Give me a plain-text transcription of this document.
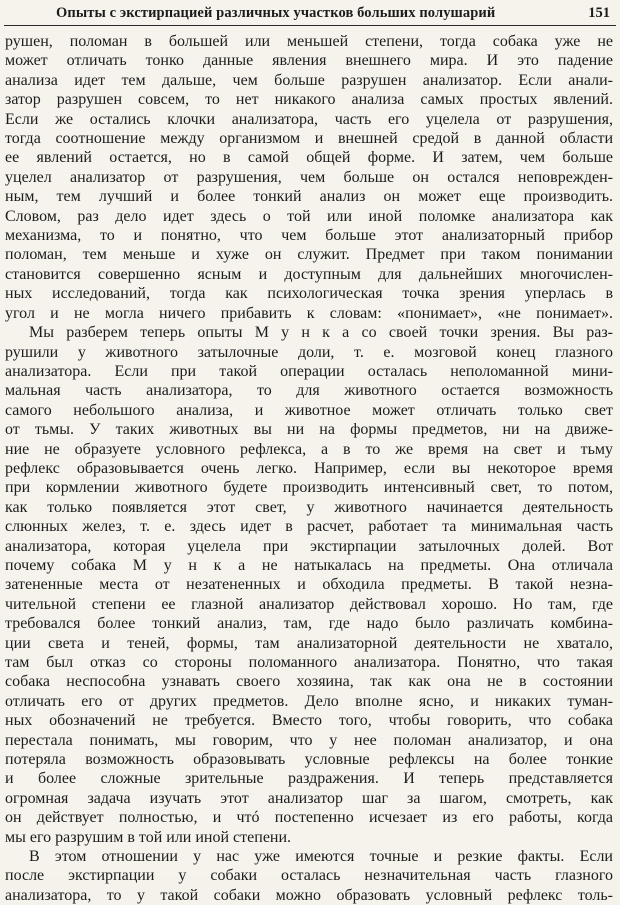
Опыты с экстирпацией различных участков больших полушарий	151
рушен, поломан в большей или меньшей степени, тогда собака уже не
может отличать тонко данные явления внешнего мира. И это падение
анализа идет тем дальше, чем больше разрушен анализатор. Если анали-
затор разрушен совсем, то нет никакого анализа самых простых явлений.
Если же остались клочки анализатора, часть его уцелела от разрушения,
тогда соотношение между организмом и внешней средой в данной области
ее явлений остается, но в самой общей форме. И затем, чем больше
уцелел анализатор от разрушения, чем больше он остался неповрежден-
ным, тем лучший и более тонкий анализ он может еще производить.
Словом, раз дело идет здесь о той или иной поломке анализатора как
механизма, то и понятно, что чем больше этот анализаторный прибор
поломан, тем меньше и хуже он служит. Предмет при таком понимании
становится совершенно ясным и доступным для дальнейших многочислен-
ных исследований, тогда как психологическая точка зрения уперлась в
угол и не могла ничего прибавить к словам: «понимает», «не понимает».
Мы разберем теперь опыты М у н к а со своей точки зрения. Вы раз-
рушили у животного затылочные доли, т. е. мозговой конец глазного
анализатора. Если при такой операции осталась неполоманной мини-
мальная часть анализатора, то для животного остается возможность
самого небольшого анализа, и животное может отличать только свет
от тьмы. У таких животных вы ни на формы предметов, ни на движе-
ние не образуете условного рефлекса, а в то же время на свет и тьму
рефлекс образовывается очень легко. Например, если вы некоторое время
при кормлении животного будете производить интенсивный свет, то потом,
как только появляется этот свет, у животного начинается деятельность
слюнных желез, т. е. здесь идет в расчет, работает та минимальная часть
анализатора, которая уцелела при экстирпации затылочных долей. Вот
почему собака М у н к а не натыкалась на предметы. Она отличала
затененные места от незатененных и обходила предметы. В такой незна-
чительной степени ее глазной анализатор действовал хорошо. Но там, где
требовался более тонкий анализ, там, где надо было различать комбина-
ции света и теней, формы, там анализаторной деятельности не хватало,
там был отказ со стороны поломанного анализатора. Понятно, что такая
собака неспособна узнавать своего хозяина, так как она не в состоянии
отличать его от других предметов. Дело вполне ясно, и никаких туман-
ных обозначений не требуется. Вместо того, чтобы говорить, что собака
перестала понимать, мы говорим, что у нее поломан анализатор, и она
потеряла возможность образовывать условные рефлексы на более тонкие
и более сложные зрительные раздражения. И теперь представляется
огромная задача изучать этот анализатор шаг за шагом, смотреть, как
он действует полностью, и чтó постепенно исчезает из его работы, когда
мы его разрушим в той или иной степени.
В этом отношении у нас уже имеются точные и резкие факты. Если
после экстирпации у собаки осталась незначительная часть глазного
анализатора, то у такой собаки можно образовать условный рефлекс толь-
